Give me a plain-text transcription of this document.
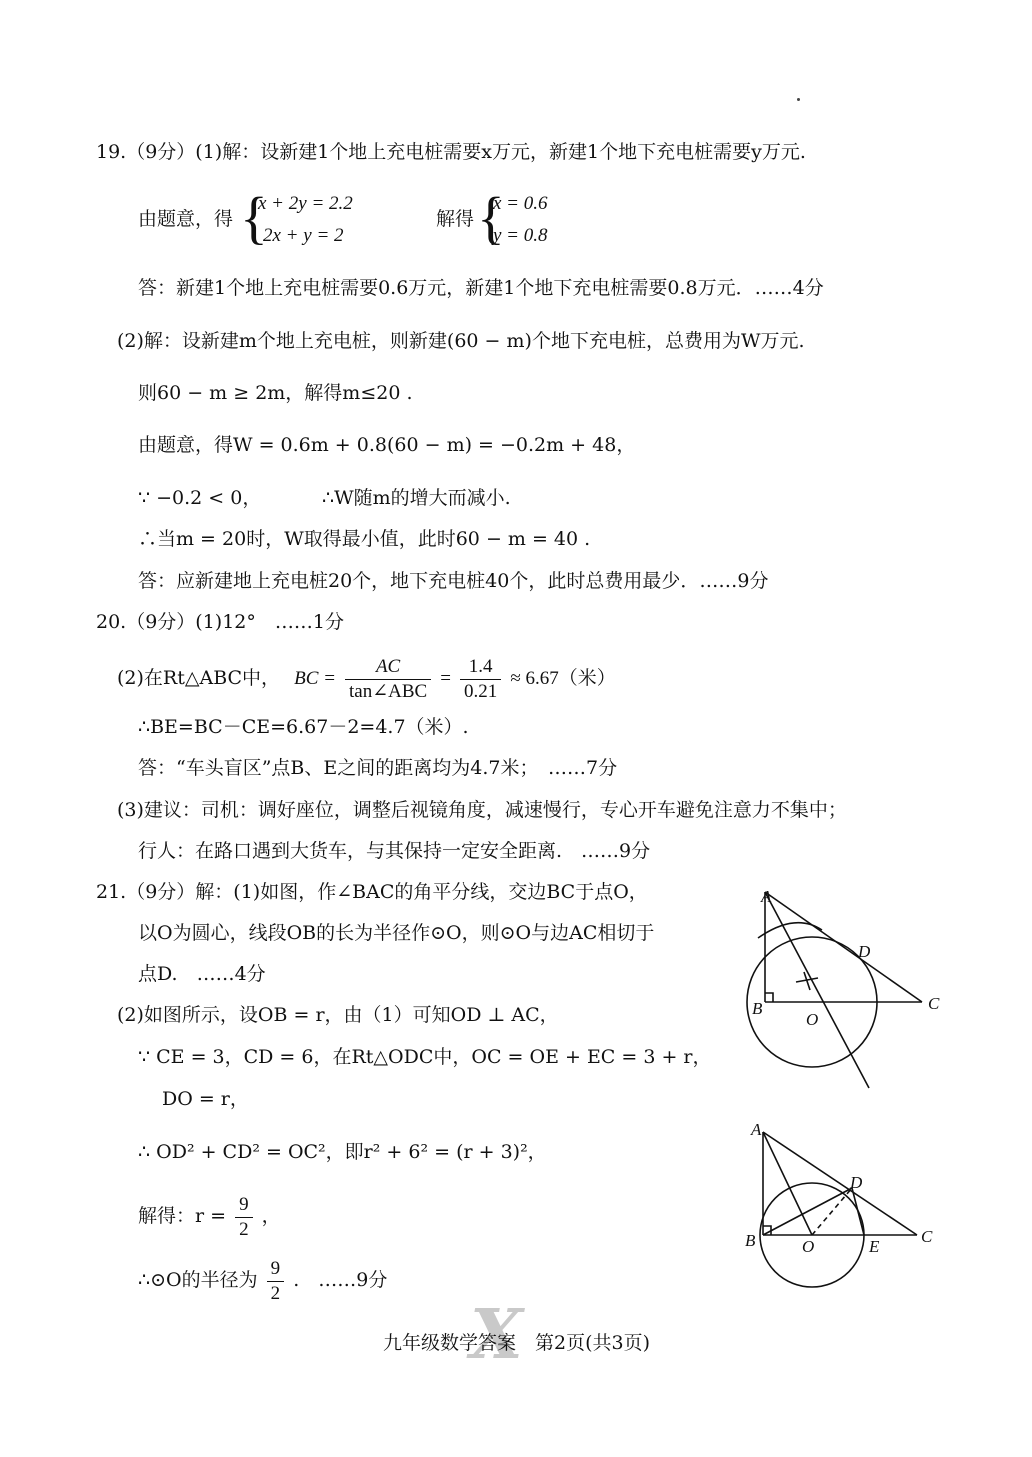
19.（9分）(1)解：设新建1个地上充电桩需要x万元，新建1个地下充电桩需要y万元.
由题意，得 {
x + 2y = 2.2
2x + y = 2
解得 {
x = 0.6
y = 0.8
答：新建1个地上充电桩需要0.6万元，新建1个地下充电桩需要0.8万元．……4分
(2)解：设新建m个地上充电桩，则新建(60 − m)个地下充电桩，总费用为W万元.
则60 − m ≥ 2m，解得m≤20 .
由题意，得W = 0.6m + 0.8(60 − m) = −0.2m + 48，
∵ −0.2 < 0，	∴W随m的增大而减小.
∴当m = 20时，W取得最小值，此时60 − m = 40 .
答：应新建地上充电桩20个，地下充电桩40个，此时总费用最少．……9分
20.（9分）(1)12°　……1分
(2)在Rt△ABC中， BC = $\frac{AC}{\text{tan∠ABC}} = \frac{1.4}{0.21} \approx 6.67$（米）
∴BE=BC－CE=6.67－2=4.7（米）.
答：“车头盲区”点B、E之间的距离均为4.7米；　……7分
(3)建议：司机：调好座位，调整后视镜角度，减速慢行，专心开车避免注意力不集中；
行人：在路口遇到大货车，与其保持一定安全距离.　……9分
21.（9分）解：(1)如图，作∠BAC的角平分线，交边BC于点O，
以O为圆心，线段OB的长为半径作⊙O，则⊙O与边AC相切于
点D.　……4分
(2)如图所示，设OB = r，由（1）可知OD ⊥ AC，
∵ CE = 3，CD = 6，在Rt△ODC中，OC = OE + EC = 3 + r，
DO = r，
∴ OD² + CD² = OC²，即r² + 6² = (r + 3)²，
解得：$r = \frac{9}{2}$ ，
∴⊙O的半径为 $\frac{9}{2}$ .　……9分
A
B	C
D
O
A
B	C
D
O	E
X
九年级数学答案　第2页(共3页)
